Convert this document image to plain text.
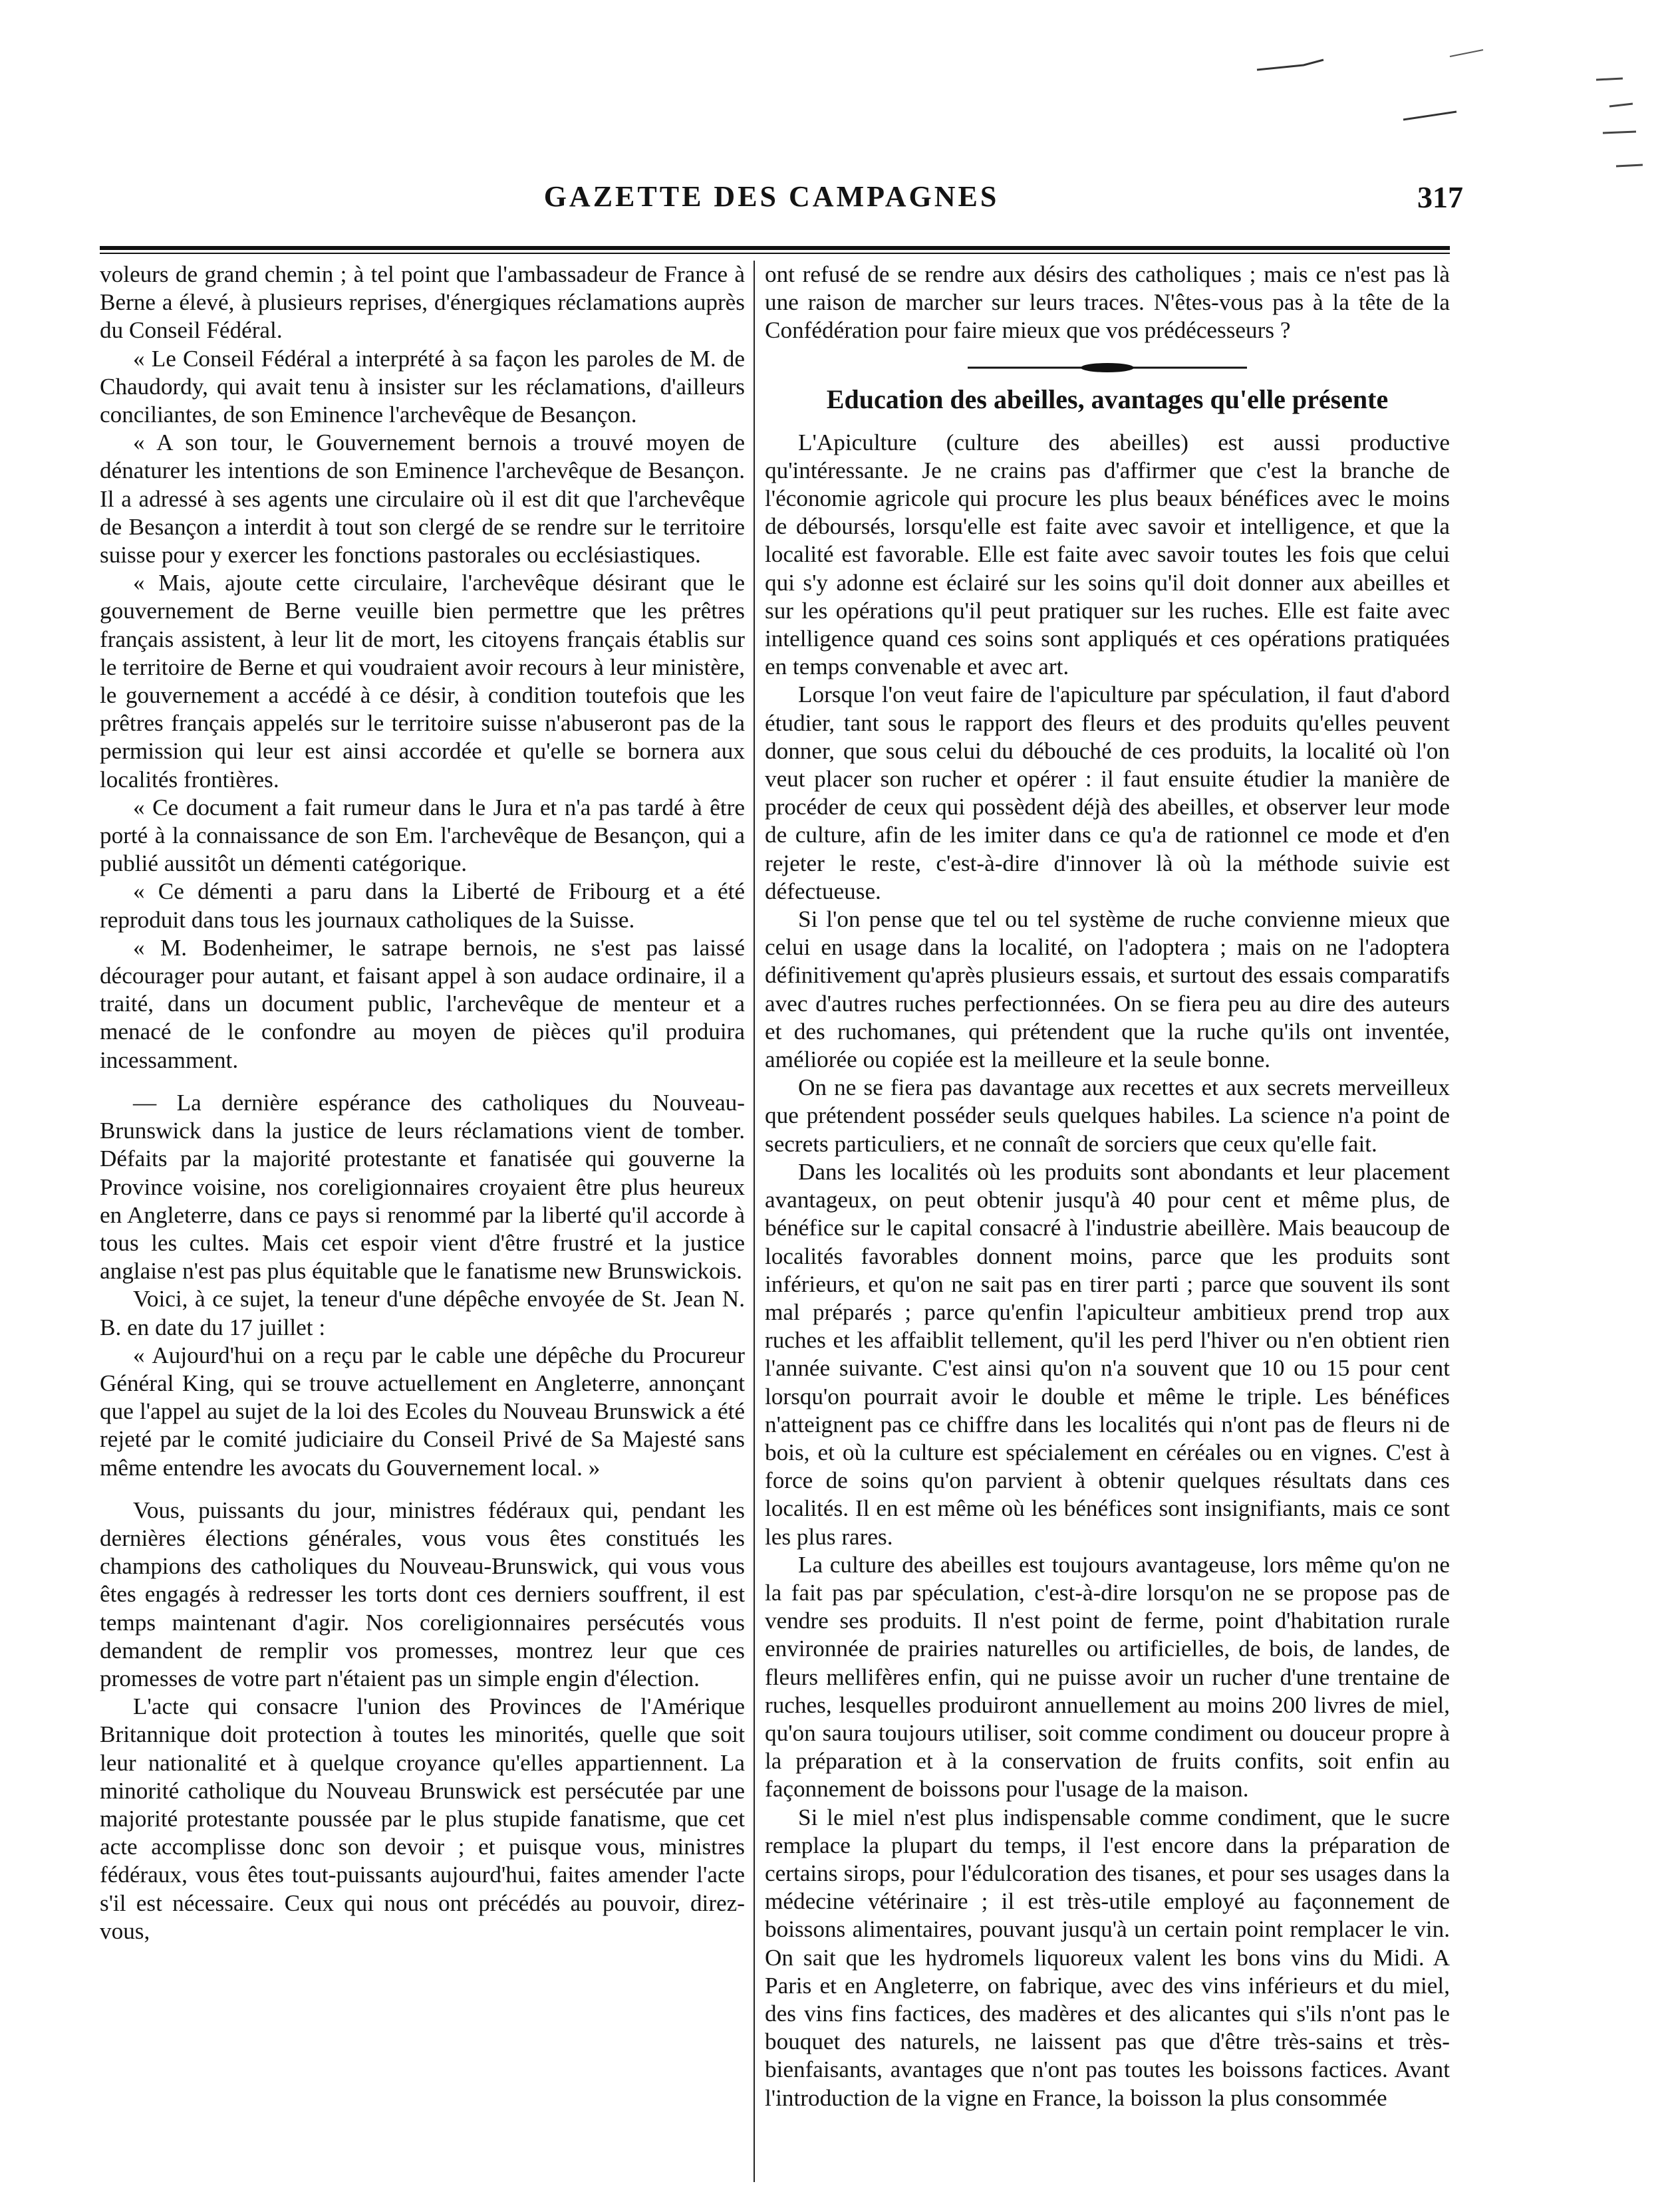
GAZETTE DES CAMPAGNES	317

voleurs de grand chemin ; à tel point que l'ambassadeur de France à Berne a élevé, à plusieurs reprises, d'énergiques réclamations auprès du Conseil Fédéral.

« Le Conseil Fédéral a interprété à sa façon les paroles de M. de Chaudordy, qui avait tenu à insister sur les réclamations, d'ailleurs conciliantes, de son Eminence l'archevêque de Besançon.

« A son tour, le Gouvernement bernois a trouvé moyen de dénaturer les intentions de son Eminence l'archevêque de Besançon. Il a adressé à ses agents une circulaire où il est dit que l'archevêque de Besançon a interdit à tout son clergé de se rendre sur le territoire suisse pour y exercer les fonctions pastorales ou ecclésiastiques.

« Mais, ajoute cette circulaire, l'archevêque désirant que le gouvernement de Berne veuille bien permettre que les prêtres français assistent, à leur lit de mort, les citoyens français établis sur le territoire de Berne et qui voudraient avoir recours à leur ministère, le gouvernement a accédé à ce désir, à condition toutefois que les prêtres français appelés sur le territoire suisse n'abuseront pas de la permission qui leur est ainsi accordée et qu'elle se bornera aux localités frontières.

« Ce document a fait rumeur dans le Jura et n'a pas tardé à être porté à la connaissance de son Em. l'archevêque de Besançon, qui a publié aussitôt un démenti catégorique.

« Ce démenti a paru dans la Liberté de Fribourg et a été reproduit dans tous les journaux catholiques de la Suisse.

« M. Bodenheimer, le satrape bernois, ne s'est pas laissé décourager pour autant, et faisant appel à son audace ordinaire, il a traité, dans un document public, l'archevêque de menteur et a menacé de le confondre au moyen de pièces qu'il produira incessamment.

— La dernière espérance des catholiques du Nouveau-Brunswick dans la justice de leurs réclamations vient de tomber. Défaits par la majorité protestante et fanatisée qui gouverne la Province voisine, nos coreligionnaires croyaient être plus heureux en Angleterre, dans ce pays si renommé par la liberté qu'il accorde à tous les cultes. Mais cet espoir vient d'être frustré et la justice anglaise n'est pas plus équitable que le fanatisme new Brunswickois.

Voici, à ce sujet, la teneur d'une dépêche envoyée de St. Jean N. B. en date du 17 juillet :

« Aujourd'hui on a reçu par le cable une dépêche du Procureur Général King, qui se trouve actuellement en Angleterre, annonçant que l'appel au sujet de la loi des Ecoles du Nouveau Brunswick a été rejeté par le comité judiciaire du Conseil Privé de Sa Majesté sans même entendre les avocats du Gouvernement local. »

Vous, puissants du jour, ministres fédéraux qui, pendant les dernières élections générales, vous vous êtes constitués les champions des catholiques du Nouveau-Brunswick, qui vous vous êtes engagés à redresser les torts dont ces derniers souffrent, il est temps maintenant d'agir. Nos coreligionnaires persécutés vous demandent de remplir vos promesses, montrez leur que ces promesses de votre part n'étaient pas un simple engin d'élection.

L'acte qui consacre l'union des Provinces de l'Amérique Britannique doit protection à toutes les minorités, quelle que soit leur nationalité et à quelque croyance qu'elles appartiennent. La minorité catholique du Nouveau Brunswick est persécutée par une majorité protestante poussée par le plus stupide fanatisme, que cet acte accomplisse donc son devoir ; et puisque vous, ministres fédéraux, vous êtes tout-puissants aujourd'hui, faites amender l'acte s'il est nécessaire. Ceux qui nous ont précédés au pouvoir, direz-vous,

ont refusé de se rendre aux désirs des catholiques ; mais ce n'est pas là une raison de marcher sur leurs traces. N'êtes-vous pas à la tête de la Confédération pour faire mieux que vos prédécesseurs ?

Education des abeilles, avantages qu'elle présente

L'Apiculture (culture des abeilles) est aussi productive qu'intéressante. Je ne crains pas d'affirmer que c'est la branche de l'économie agricole qui procure les plus beaux bénéfices avec le moins de déboursés, lorsqu'elle est faite avec savoir et intelligence, et que la localité est favorable. Elle est faite avec savoir toutes les fois que celui qui s'y adonne est éclairé sur les soins qu'il doit donner aux abeilles et sur les opérations qu'il peut pratiquer sur les ruches. Elle est faite avec intelligence quand ces soins sont appliqués et ces opérations pratiquées en temps convenable et avec art.

Lorsque l'on veut faire de l'apiculture par spéculation, il faut d'abord étudier, tant sous le rapport des fleurs et des produits qu'elles peuvent donner, que sous celui du débouché de ces produits, la localité où l'on veut placer son rucher et opérer : il faut ensuite étudier la manière de procéder de ceux qui possèdent déjà des abeilles, et observer leur mode de culture, afin de les imiter dans ce qu'a de rationnel ce mode et d'en rejeter le reste, c'est-à-dire d'innover là où la méthode suivie est défectueuse.

Si l'on pense que tel ou tel système de ruche convienne mieux que celui en usage dans la localité, on l'adoptera ; mais on ne l'adoptera définitivement qu'après plusieurs essais, et surtout des essais comparatifs avec d'autres ruches perfectionnées. On se fiera peu au dire des auteurs et des ruchomanes, qui prétendent que la ruche qu'ils ont inventée, améliorée ou copiée est la meilleure et la seule bonne.

On ne se fiera pas davantage aux recettes et aux secrets merveilleux que prétendent posséder seuls quelques habiles. La science n'a point de secrets particuliers, et ne connaît de sorciers que ceux qu'elle fait.

Dans les localités où les produits sont abondants et leur placement avantageux, on peut obtenir jusqu'à 40 pour cent et même plus, de bénéfice sur le capital consacré à l'industrie abeillère. Mais beaucoup de localités favorables donnent moins, parce que les produits sont inférieurs, et qu'on ne sait pas en tirer parti ; parce que souvent ils sont mal préparés ; parce qu'enfin l'apiculteur ambitieux prend trop aux ruches et les affaiblit tellement, qu'il les perd l'hiver ou n'en obtient rien l'année suivante. C'est ainsi qu'on n'a souvent que 10 ou 15 pour cent lorsqu'on pourrait avoir le double et même le triple. Les bénéfices n'atteignent pas ce chiffre dans les localités qui n'ont pas de fleurs ni de bois, et où la culture est spécialement en céréales ou en vignes. C'est à force de soins qu'on parvient à obtenir quelques résultats dans ces localités. Il en est même où les bénéfices sont insignifiants, mais ce sont les plus rares.

La culture des abeilles est toujours avantageuse, lors même qu'on ne la fait pas par spéculation, c'est-à-dire lorsqu'on ne se propose pas de vendre ses produits. Il n'est point de ferme, point d'habitation rurale environnée de prairies naturelles ou artificielles, de bois, de landes, de fleurs mellifères enfin, qui ne puisse avoir un rucher d'une trentaine de ruches, lesquelles produiront annuellement au moins 200 livres de miel, qu'on saura toujours utiliser, soit comme condiment ou douceur propre à la préparation et à la conservation de fruits confits, soit enfin au façonnement de boissons pour l'usage de la maison.

Si le miel n'est plus indispensable comme condiment, que le sucre remplace la plupart du temps, il l'est encore dans la préparation de certains sirops, pour l'édulcoration des tisanes, et pour ses usages dans la médecine vétérinaire ; il est très-utile employé au façonnement de boissons alimentaires, pouvant jusqu'à un certain point remplacer le vin. On sait que les hydromels liquoreux valent les bons vins du Midi. A Paris et en Angleterre, on fabrique, avec des vins inférieurs et du miel, des vins fins factices, des madères et des alicantes qui s'ils n'ont pas le bouquet des naturels, ne laissent pas que d'être très-sains et très-bienfaisants, avantages que n'ont pas toutes les boissons factices. Avant l'introduction de la vigne en France, la boisson la plus consommée
